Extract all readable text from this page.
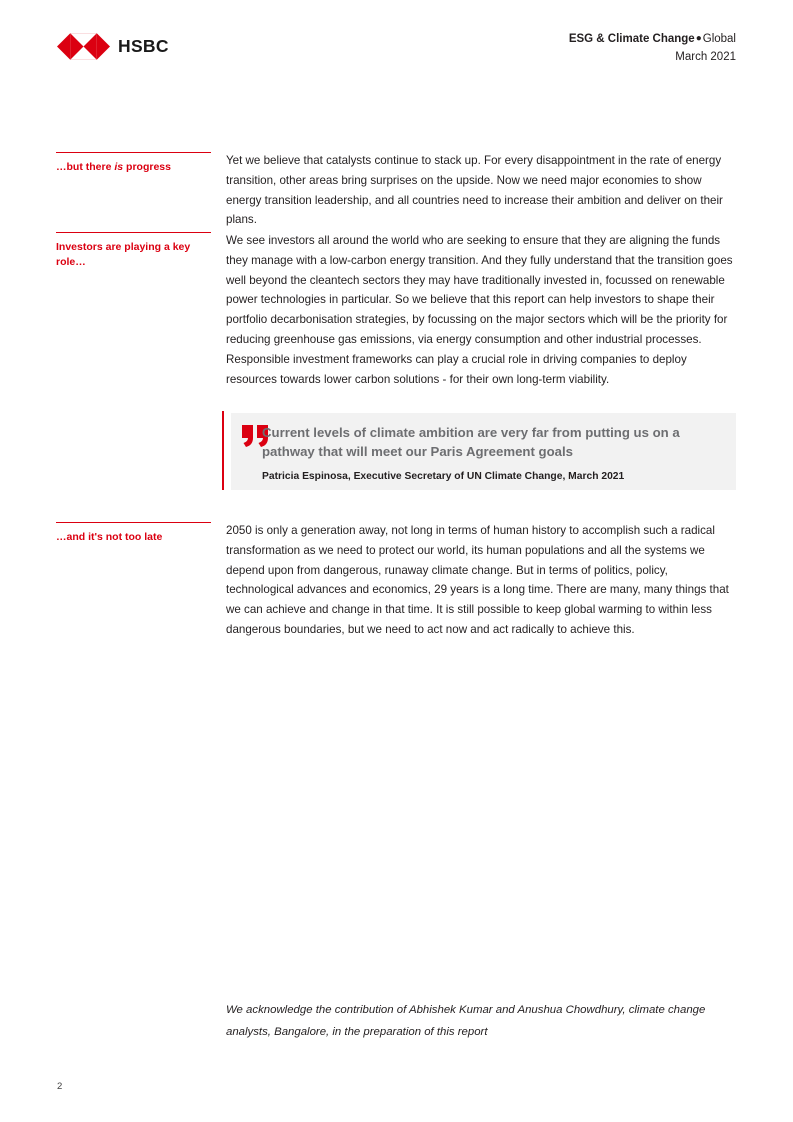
HSBC	ESG & Climate Change●Global
March 2021
…but there is progress
Investors are playing a key role…
…and it's not too late

Yet we believe that catalysts continue to stack up. For every disappointment in the rate of energy transition, other areas bring surprises on the upside. Now we need major economies to show energy transition leadership, and all countries need to increase their ambition and deliver on their plans.

We see investors all around the world who are seeking to ensure that they are aligning the funds they manage with a low-carbon energy transition. And they fully understand that the transition goes well beyond the cleantech sectors they may have traditionally invested in, focussed on renewable power technologies in particular. So we believe that this report can help investors to shape their portfolio decarbonisation strategies, by focussing on the major sectors which will be the priority for reducing greenhouse gas emissions, via energy consumption and other industrial processes. Responsible investment frameworks can play a crucial role in driving companies to deploy resources towards lower carbon solutions - for their own long-term viability.

Current levels of climate ambition are very far from putting us on a pathway that will meet our Paris Agreement goals

Patricia Espinosa, Executive Secretary of UN Climate Change, March 2021

2050 is only a generation away, not long in terms of human history to accomplish such a radical transformation as we need to protect our world, its human populations and all the systems we depend upon from dangerous, runaway climate change. But in terms of politics, policy, technological advances and economics, 29 years is a long time. There are many, many things that we can achieve and change in that time. It is still possible to keep global warming to within less dangerous boundaries, but we need to act now and act radically to achieve this.

We acknowledge the contribution of Abhishek Kumar and Anushua Chowdhury, climate change analysts, Bangalore, in the preparation of this report
2
